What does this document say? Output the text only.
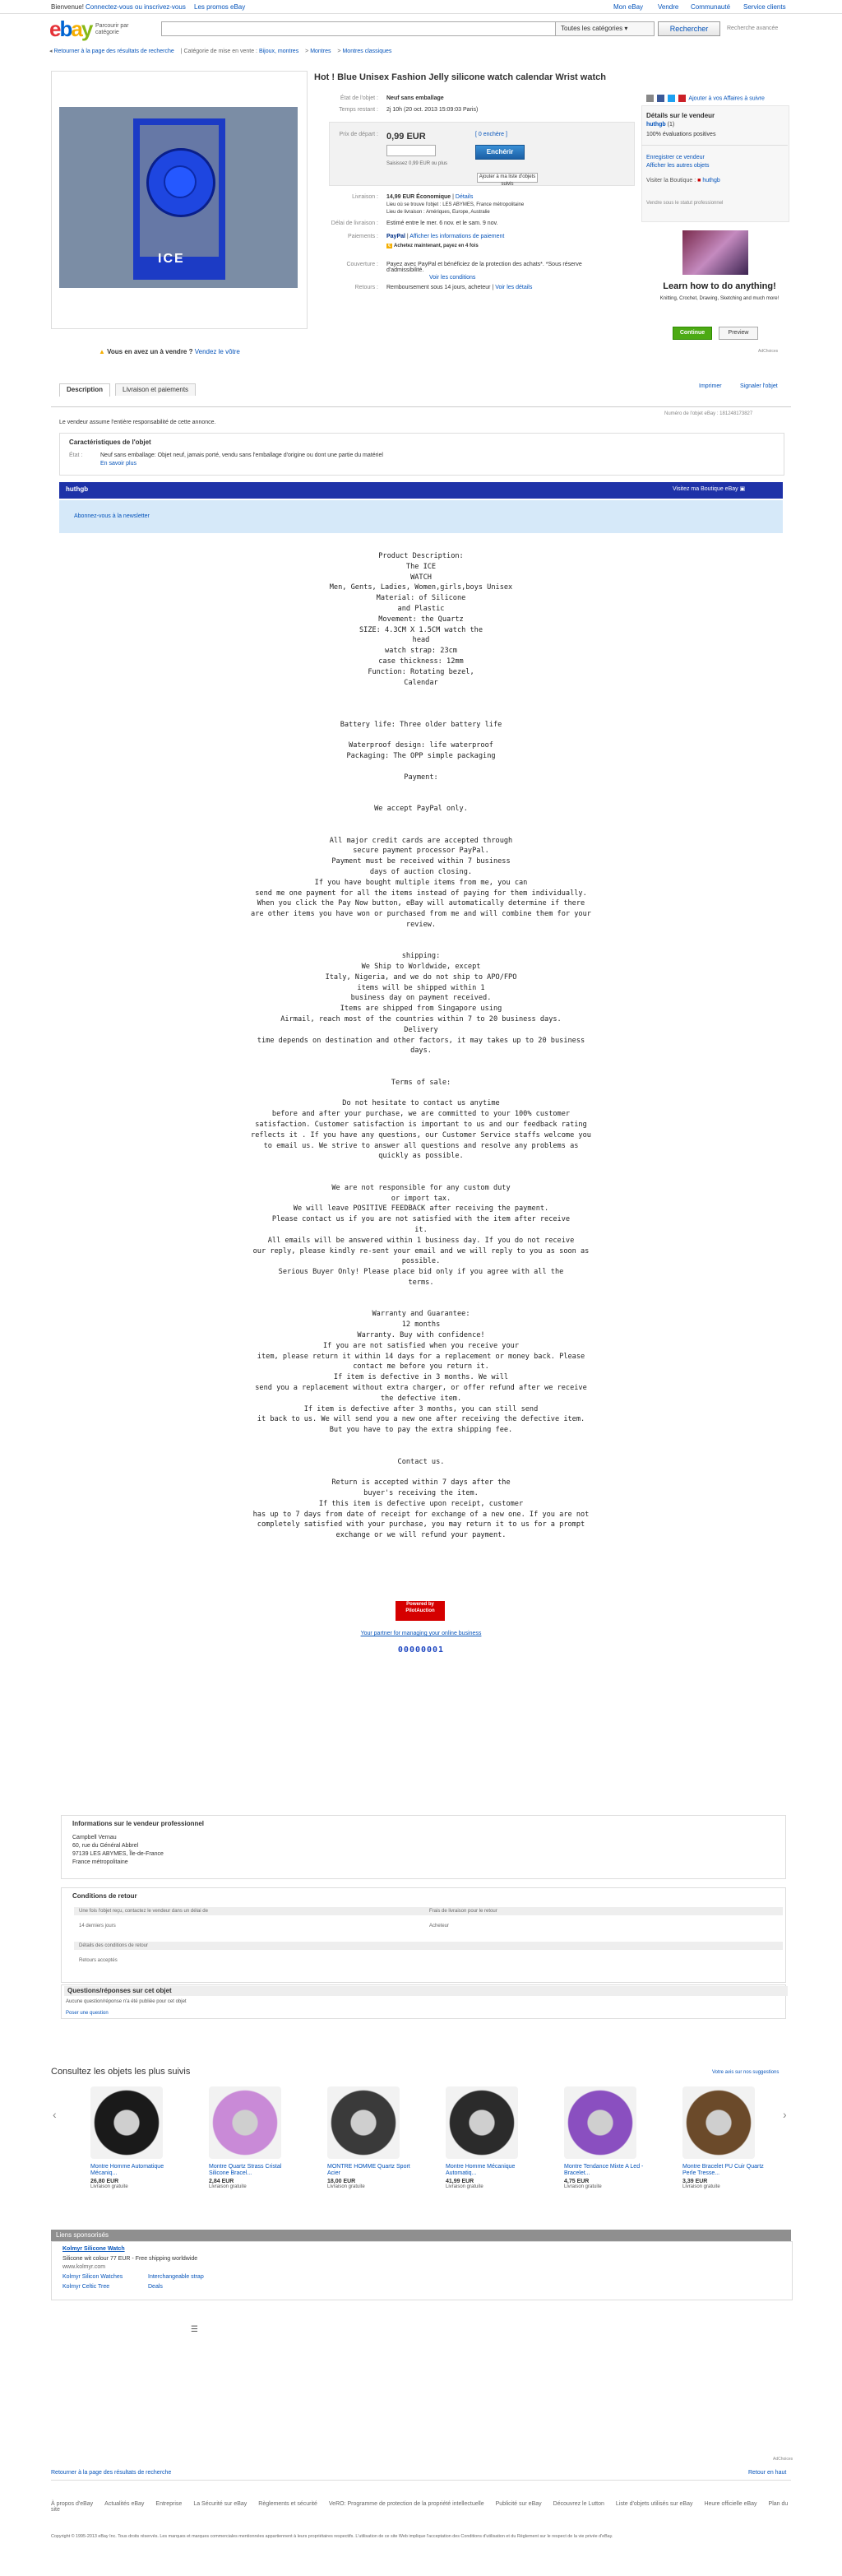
Bienvenue! Connectez-vous ou inscrivez-vous Les promos eBay	Mon eBay Vendre Communauté Service clients
ebay Parcourir par catégorie
Toutes les catégories ▾	Rechercher	Recherche avancée
◂ Retourner à la page des résultats de recherche | Catégorie de mise en vente : Bijoux, montres > Montres > Montres classiques
ICE
▲ Vous en avez un à vendre ? Vendez le vôtre
Hot ! Blue Unisex Fashion Jelly silicone watch calendar Wrist watch
État de l'objet : Neuf sans emballage
Temps restant : 2j 10h (20 oct. 2013 15:09:03 Paris)
Prix de départ : 0,99 EUR	[ 0 enchère ]
Enchérir
Saisissez 0,99 EUR ou plus
Ajouter à ma liste d'objets suivis
Livraison : 14,99 EUR Économique | Détails
Lieu où se trouve l'objet : LES ABYMES, France métropolitaine
Lieu de livraison : Amériques, Europe, Australie
Délai de livraison : Estimé entre le mer. 6 nov. et le sam. 9 nov.
Paiements : PayPal | Afficher les informations de paiement
€ Achetez maintenant, payez en 4 fois
Couverture : Payez avec PayPal et bénéficiez de la protection des achats*. *Sous réserve d'admissibilité.
Voir les conditions
Retours : Remboursement sous 14 jours, acheteur | Voir les détails
Ajouter à vos Affaires à suivre
Détails sur le vendeur
huthgb (1)
100% évaluations positives
Enregistrer ce vendeur
Afficher les autres objets
Visiter la Boutique : ■ huthgb
Vendre sous le statut professionnel
Learn how to do anything!
Knitting, Crochet, Drawing, Sketching and much more!
Continue	Preview
AdChoices
Description	Livraison et paiements	Imprimer	Signaler l'objet
Numéro de l'objet eBay : 181248173827
Le vendeur assume l'entière responsabilité de cette annonce.
Caractéristiques de l'objet
État :	Neuf sans emballage: Objet neuf, jamais porté, vendu sans l'emballage d'origine ou dont une partie du matériel
En savoir plus
huthgb	Visitez ma Boutique eBay ▣
Abonnez-vous à la newsletter
Product Description:
The ICE
WATCH
Men, Gents, Ladies, Women,girls,boys Unisex
Material: of Silicone
and Plastic
Movement: the Quartz
SIZE: 4.3CM X 1.5CM watch the
head
watch strap: 23cm
case thickness: 12mm
Function: Rotating bezel,
Calendar
Battery life: Three older battery life
Waterproof design: life waterproof
Packaging: The OPP simple packaging
Payment:
We accept PayPal only.
All major credit cards are accepted through
secure payment processor PayPal.
Payment must be received within 7 business
days of auction closing.
If you have bought multiple items from me, you can
send me one payment for all the items instead of paying for them individually.
When you click the Pay Now button, eBay will automatically determine if there
are other items you have won or purchased from me and will combine them for your
review.
shipping:
We Ship to Worldwide, except
Italy, Nigeria, and we do not ship to APO/FPO
items will be shipped within 1
business day on payment received.
Items are shipped from Singapore using
Airmail, reach most of the countries within 7 to 20 business days.
Delivery
time depends on destination and other factors, it may takes up to 20 business
days.
Terms of sale:
Do not hesitate to contact us anytime
before and after your purchase, we are committed to your 100% customer
satisfaction. Customer satisfaction is important to us and our feedback rating
reflects it . If you have any questions, our Customer Service staffs welcome you
to email us. We strive to answer all questions and resolve any problems as
quickly as possible.
We are not responsible for any custom duty
or import tax.
We will leave POSITIVE FEEDBACK after receiving the payment.
Please contact us if you are not satisfied with the item after receive
it.
All emails will be answered within 1 business day. If you do not receive
our reply, please kindly re-sent your email and we will reply to you as soon as
possible.
Serious Buyer Only! Please place bid only if you agree with all the
terms.
Warranty and Guarantee:
12 months
Warranty. Buy with confidence!
If you are not satisfied when you receive your
item, please return it within 14 days for a replacement or money back. Please
contact me before you return it.
If item is defective in 3 months. We will
send you a replacement without extra charger, or offer refund after we receive
the defective item.
If item is defective after 3 months, you can still send
it back to us. We will send you a new one after receiving the defective item.
But you have to pay the extra shipping fee.
Contact us.
Return is accepted within 7 days after the
buyer's receiving the item.
If this item is defective upon receipt, customer
has up to 7 days from date of receipt for exchange of a new one. If you are not
completely satisfied with your purchase, you may return it to us for a prompt
exchange or we will refund your payment.
Powered by
PilotAuction
Your partner for managing your online business
00000001
Informations sur le vendeur professionnel
Campbell Vernau
60, rue du Général Abbrel
97139 LES ABYMES, Île-de-France
France métropolitaine
Conditions de retour
Une fois l'objet reçu, contactez le vendeur dans un délai de	Frais de livraison pour le retour
14 derniers jours	Acheteur
Détails des conditions de retour
Retours acceptés
Questions/réponses sur cet objet
Aucune question/réponse n'a été publiée pour cet objet
Poser une question
Consultez les objets les plus suivis	Votre avis sur nos suggestions
‹	›
Montre Homme Automatique Mécaniq...
26,80 EUR
Livraison gratuite
Montre Quartz Strass Cristal Silicone Bracel...
2,84 EUR
Livraison gratuite
MONTRE HOMME Quartz Sport Acier
18,00 EUR
Livraison gratuite
Montre Homme Mécanique Automatiq...
41,99 EUR
Livraison gratuite
Montre Tendance Mixte A Led - Bracelet...
4,75 EUR
Livraison gratuite
Montre Bracelet PU Cuir Quartz Perle Tresse...
3,39 EUR
Livraison gratuite
Liens sponsorisés
Kolmyr Silicone Watch
Silicone wit colour 77 EUR - Free shipping worldwide
www.kolmyr.com
Kolmyr Silicon Watches	Interchangeable strap
Kolmyr Celtic Tree	Deals
☰
AdChoices
Retourner à la page des résultats de recherche	Retour en haut
À propos d'eBay Actualités eBay Entreprise La Sécurité sur eBay Règlements et sécurité VeRO: Programme de protection de la propriété intellectuelle Publicité sur eBay Découvrez le Lutton Liste d'objets utilisés sur eBay Heure officielle eBay Plan du site
Copyright © 1995-2013 eBay Inc. Tous droits réservés. Les marques et marques commerciales mentionnées appartiennent à leurs propriétaires respectifs. L'utilisation de ce site Web implique l'acceptation des Conditions d'utilisation et du Règlement sur le respect de la vie privée d'eBay.
